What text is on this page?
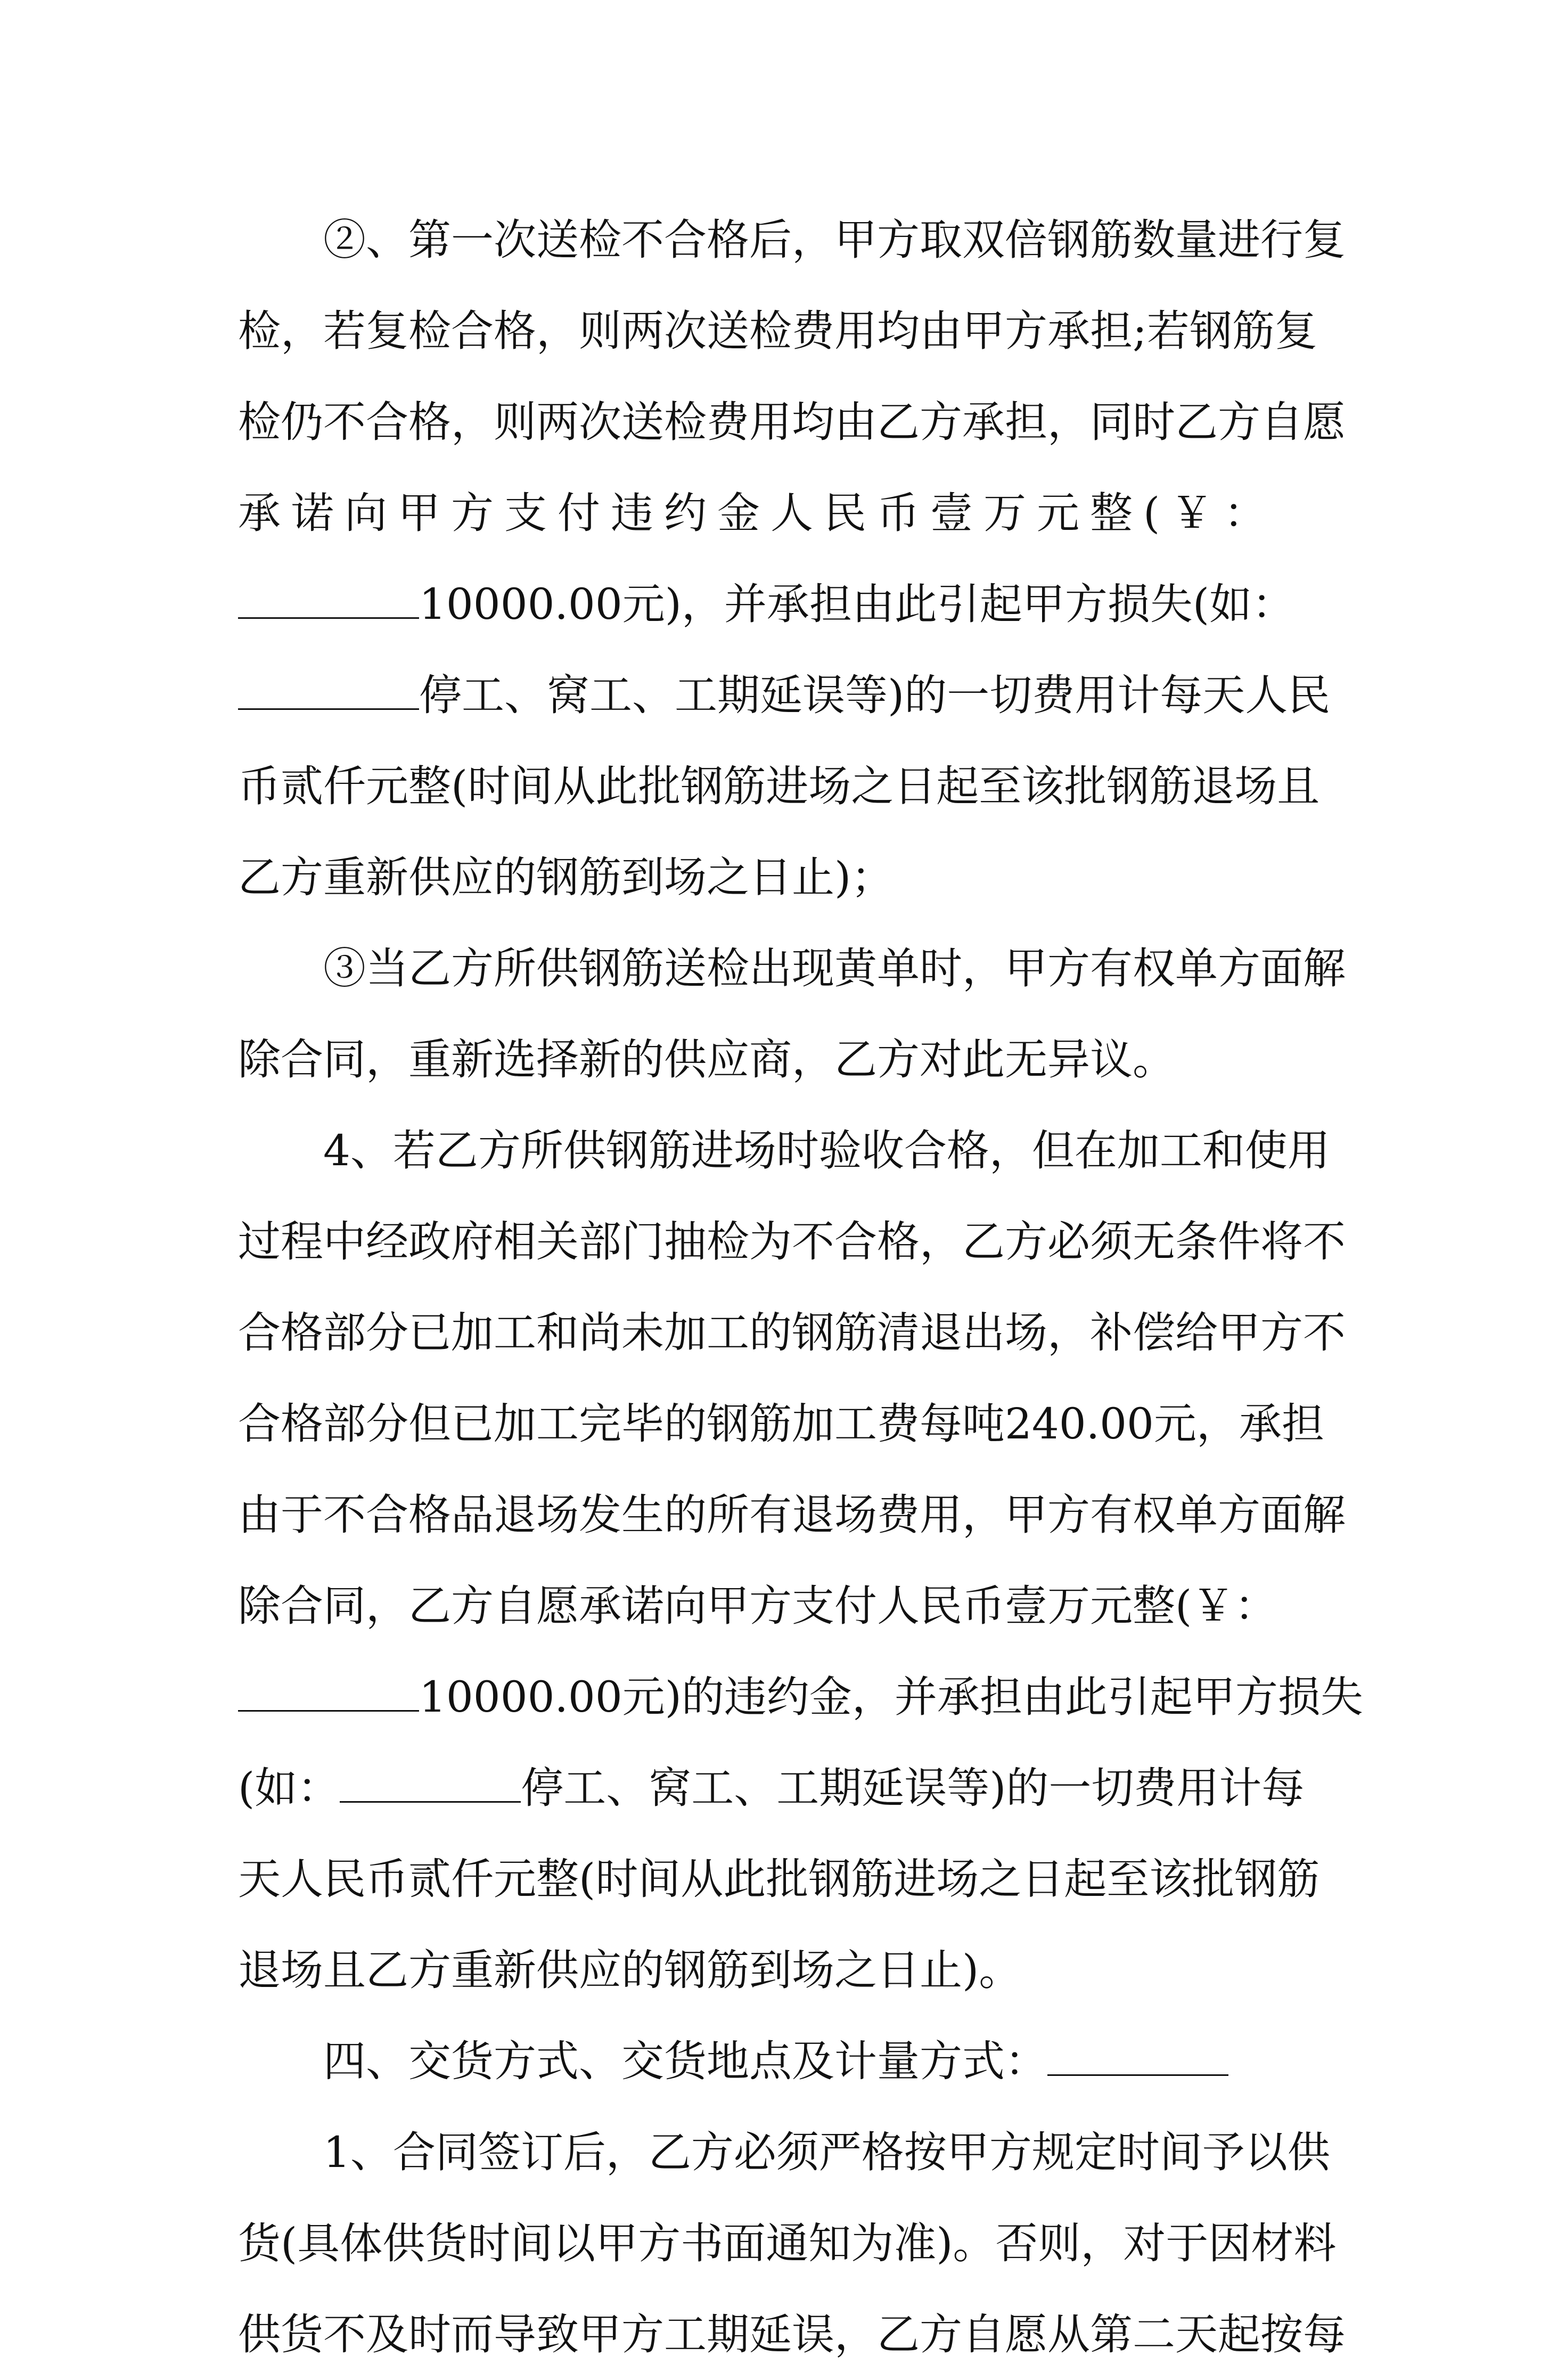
②、第一次送检不合格后，甲方取双倍钢筋数量进行复
检，若复检合格，则两次送检费用均由甲方承担;若钢筋复
检仍不合格，则两次送检费用均由乙方承担，同时乙方自愿
承诺向甲方支付违约金人民币壹万元整(￥：
10000.00元)，并承担由此引起甲方损失(如：
停工、窝工、工期延误等)的一切费用计每天人民
币贰仟元整(时间从此批钢筋进场之日起至该批钢筋退场且
乙方重新供应的钢筋到场之日止)；
③当乙方所供钢筋送检出现黄单时，甲方有权单方面解
除合同，重新选择新的供应商，乙方对此无异议。
4、若乙方所供钢筋进场时验收合格，但在加工和使用
过程中经政府相关部门抽检为不合格，乙方必须无条件将不
合格部分已加工和尚未加工的钢筋清退出场，补偿给甲方不
合格部分但已加工完毕的钢筋加工费每吨240.00元，承担
由于不合格品退场发生的所有退场费用，甲方有权单方面解
除合同，乙方自愿承诺向甲方支付人民币壹万元整(￥：
10000.00元)的违约金，并承担由此引起甲方损失
(如：	停工、窝工、工期延误等)的一切费用计每
天人民币贰仟元整(时间从此批钢筋进场之日起至该批钢筋
退场且乙方重新供应的钢筋到场之日止)。
四、交货方式、交货地点及计量方式：
1、合同签订后，乙方必须严格按甲方规定时间予以供
货(具体供货时间以甲方书面通知为准)。否则，对于因材料
供货不及时而导致甲方工期延误，乙方自愿从第二天起按每
